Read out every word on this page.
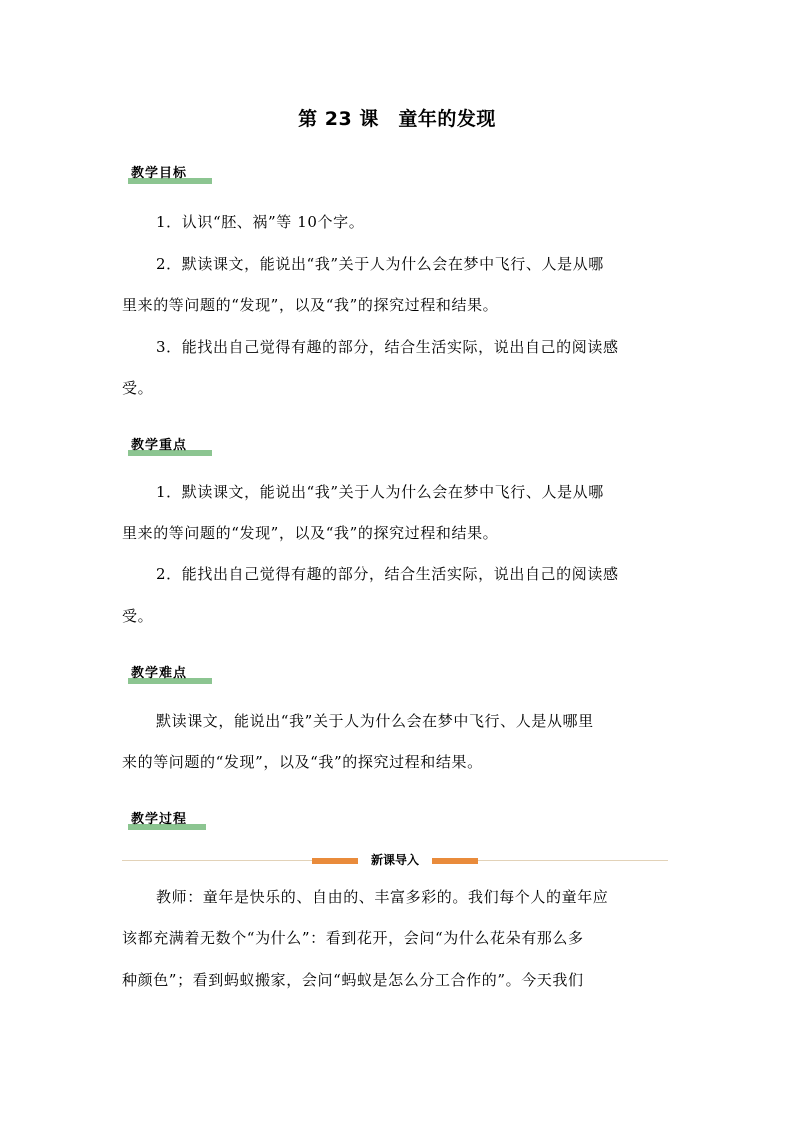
第 23 课　童年的发现
教学目标
1．认识“胚、祸”等 10个字。
2．默读课文，能说出“我”关于人为什么会在梦中飞行、人是从哪
里来的等问题的“发现”，以及“我”的探究过程和结果。
3．能找出自己觉得有趣的部分，结合生活实际，说出自己的阅读感
受。
教学重点
1．默读课文，能说出“我”关于人为什么会在梦中飞行、人是从哪
里来的等问题的“发现”，以及“我”的探究过程和结果。
2．能找出自己觉得有趣的部分，结合生活实际，说出自己的阅读感
受。
教学难点
默读课文，能说出“我”关于人为什么会在梦中飞行、人是从哪里
来的等问题的“发现”，以及“我”的探究过程和结果。
教学过程
新课导入
教师：童年是快乐的、自由的、丰富多彩的。我们每个人的童年应
该都充满着无数个“为什么”：看到花开，会问“为什么花朵有那么多
种颜色”；看到蚂蚁搬家，会问“蚂蚁是怎么分工合作的”。今天我们
